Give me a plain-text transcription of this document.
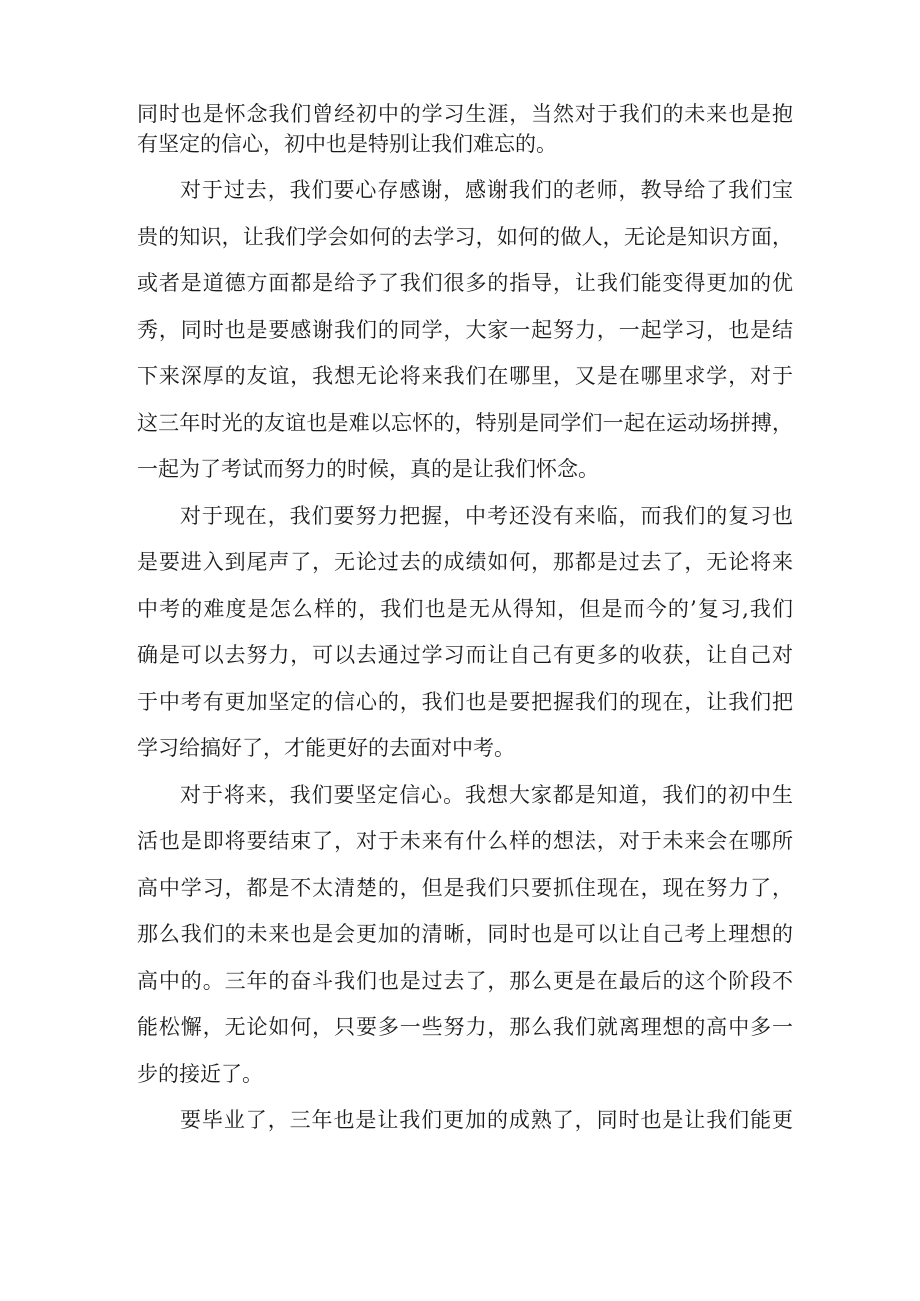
同时也是怀念我们曾经初中的学习生涯，当然对于我们的未来也是抱
有坚定的信心，初中也是特别让我们难忘的。
对于过去，我们要心存感谢，感谢我们的老师，教导给了我们宝
贵的知识，让我们学会如何的去学习，如何的做人，无论是知识方面，
或者是道德方面都是给予了我们很多的指导，让我们能变得更加的优
秀，同时也是要感谢我们的同学，大家一起努力，一起学习，也是结
下来深厚的友谊，我想无论将来我们在哪里，又是在哪里求学，对于
这三年时光的友谊也是难以忘怀的，特别是同学们一起在运动场拼搏，
一起为了考试而努力的时候，真的是让我们怀念。
对于现在，我们要努力把握，中考还没有来临，而我们的复习也
是要进入到尾声了，无论过去的成绩如何，那都是过去了，无论将来
中考的难度是怎么样的，我们也是无从得知，但是而今的’复习,我们
确是可以去努力，可以去通过学习而让自己有更多的收获，让自己对
于中考有更加坚定的信心的，我们也是要把握我们的现在，让我们把
学习给搞好了，才能更好的去面对中考。
对于将来，我们要坚定信心。我想大家都是知道，我们的初中生
活也是即将要结束了，对于未来有什么样的想法，对于未来会在哪所
高中学习，都是不太清楚的，但是我们只要抓住现在，现在努力了，
那么我们的未来也是会更加的清晰，同时也是可以让自己考上理想的
高中的。三年的奋斗我们也是过去了，那么更是在最后的这个阶段不
能松懈，无论如何，只要多一些努力，那么我们就离理想的高中多一
步的接近了。
要毕业了，三年也是让我们更加的成熟了，同时也是让我们能更
